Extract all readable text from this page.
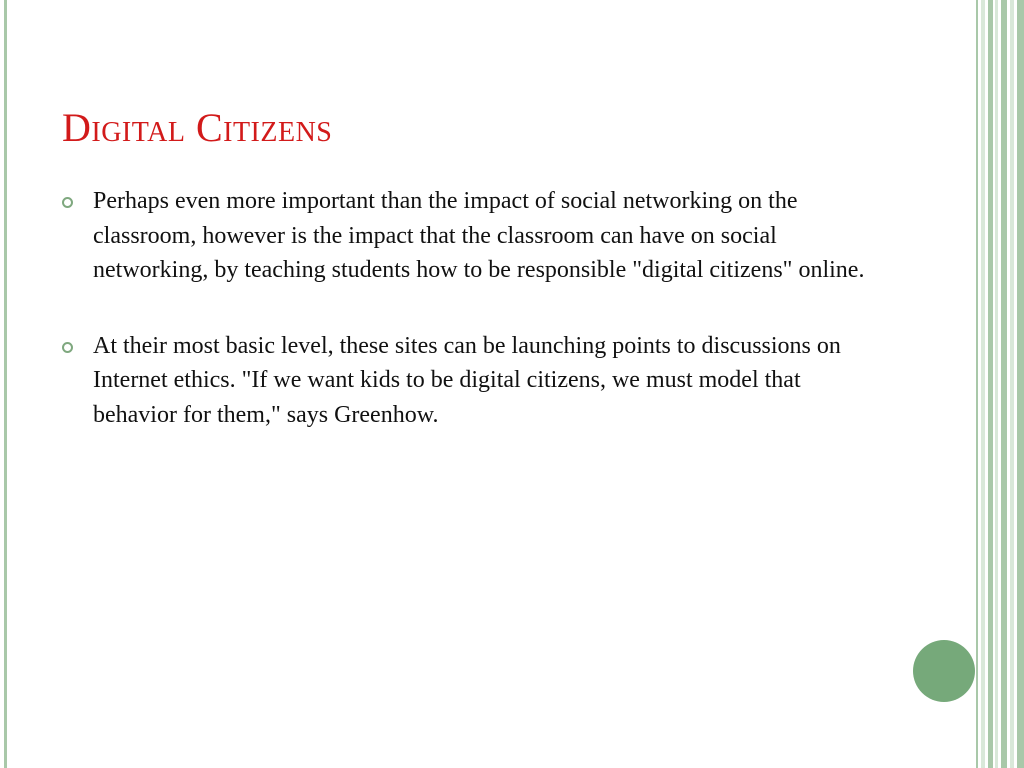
Digital Citizens
Perhaps even more important than the impact of social networking on the classroom, however is the impact that the classroom can have on social networking, by teaching students how to be responsible "digital citizens" online.
At their most basic level, these sites can be launching points to discussions on Internet ethics. "If we want kids to be digital citizens, we must model that behavior for them," says Greenhow.
